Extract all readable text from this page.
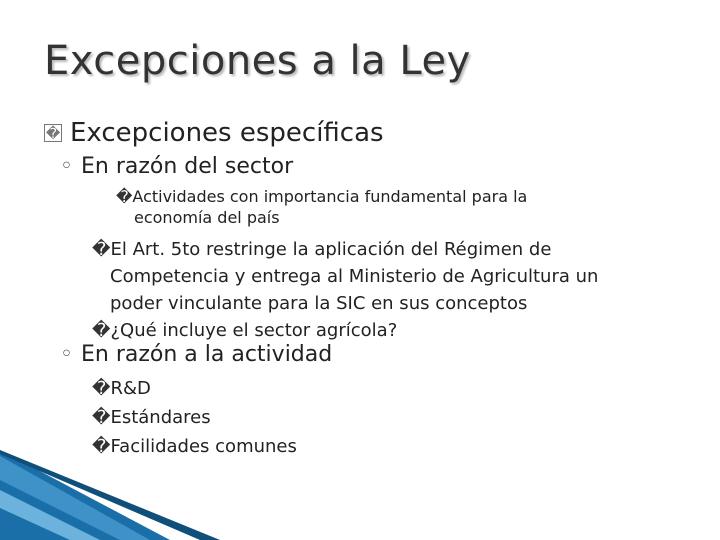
Excepciones a la Ley
� Excepciones específicas
◦ En razón del sector
�Actividades con importancia fundamental para la
economía del país
�El Art. 5to restringe la aplicación del Régimen de
Competencia y entrega al Ministerio de Agricultura un
poder vinculante para la SIC en sus conceptos
�¿Qué incluye el sector agrícola?
◦ En razón a la actividad
�R&D
�Estándares
�Facilidades comunes
